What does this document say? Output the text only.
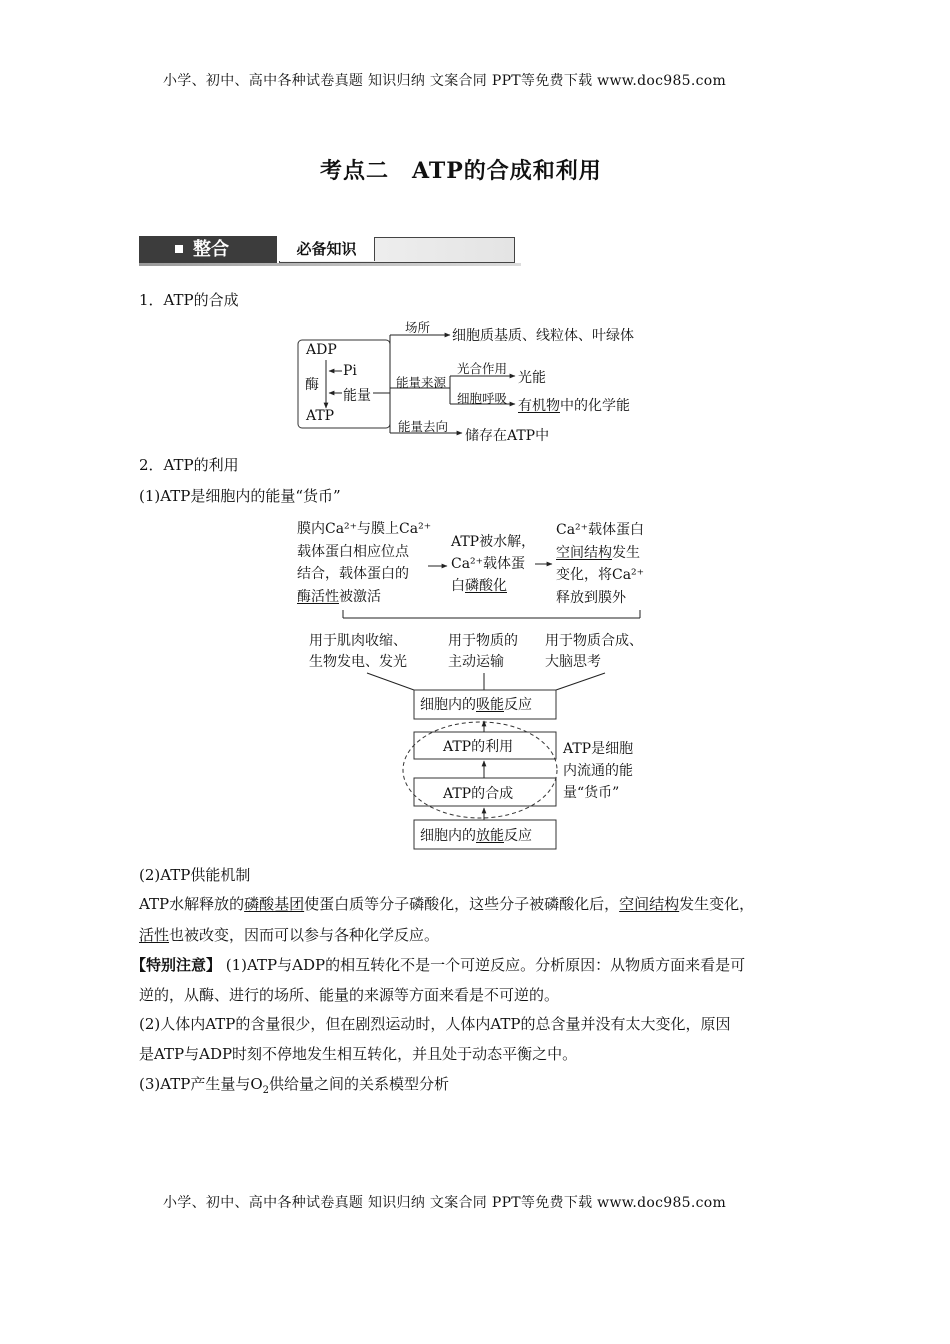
小学、初中、高中各种试卷真题 知识归纳 文案合同 PPT等免费下载 www.doc985.com
小学、初中、高中各种试卷真题 知识归纳 文案合同 PPT等免费下载 www.doc985.com
考点二　ATP的合成和利用
整合	必备知识
1．ATP的合成
ADP
Pi
酶
能量
ATP
场所
细胞质基质、线粒体、叶绿体
能量来源
光合作用
光能
细胞呼吸 有机物中的化学能
能量去向
储存在ATP中
2．ATP的利用
(1)ATP是细胞内的能量“货币”
膜内Ca²⁺与膜上Ca²⁺
载体蛋白相应位点
结合，载体蛋白的
酶活性被激活
ATP被水解，
Ca²⁺载体蛋
白磷酸化
Ca²⁺载体蛋白
空间结构发生
变化，将Ca²⁺
释放到膜外
用于肌肉收缩、
生物发电、发光
用于物质的
主动运输
用于物质合成、
大脑思考
细胞内的吸能反应
ATP的利用
ATP的合成
细胞内的放能反应
ATP是细胞
内流通的能
量“货币”
(2)ATP供能机制
ATP水解释放的磷酸基团使蛋白质等分子磷酸化，这些分子被磷酸化后，空间结构发生变化，
活性也被改变，因而可以参与各种化学反应。
【特别注意】 (1)ATP与ADP的相互转化不是一个可逆反应。分析原因：从物质方面来看是可
逆的，从酶、进行的场所、能量的来源等方面来看是不可逆的。
(2)人体内ATP的含量很少，但在剧烈运动时，人体内ATP的总含量并没有太大变化，原因
是ATP与ADP时刻不停地发生相互转化，并且处于动态平衡之中。
(3)ATP产生量与$O_2$供给量之间的关系模型分析
